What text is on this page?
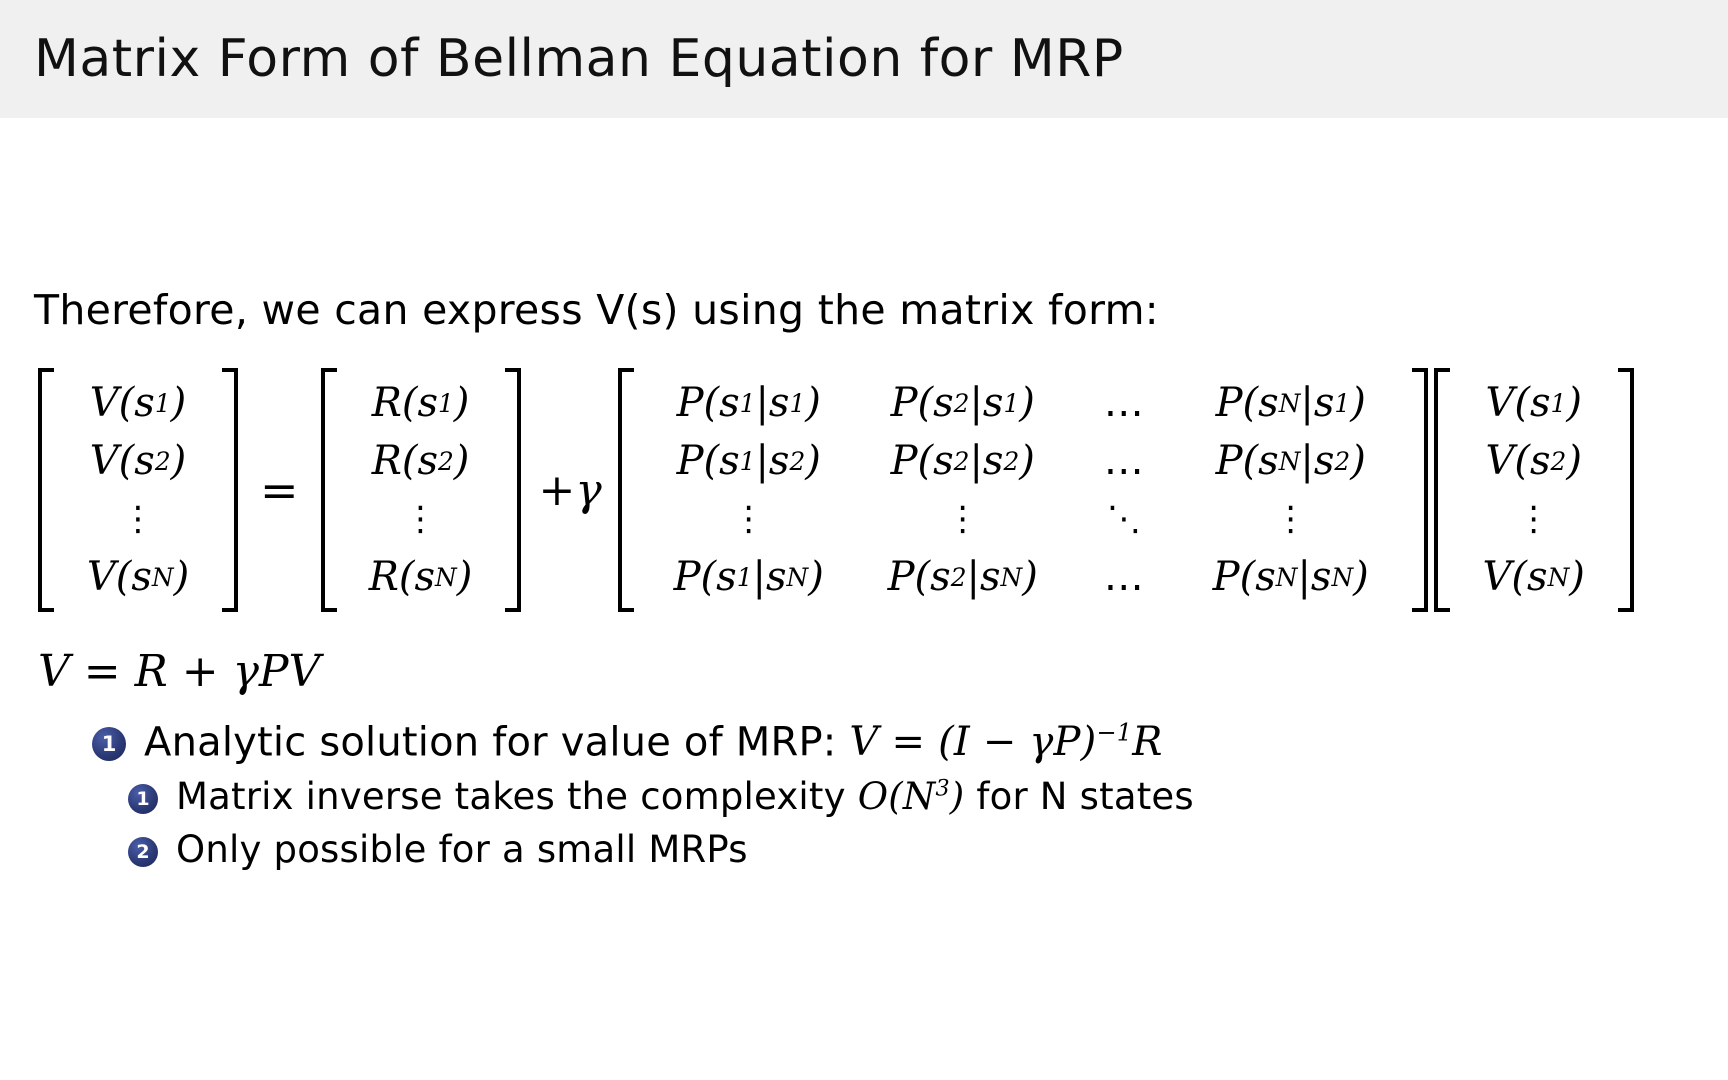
Matrix Form of Bellman Equation for MRP
Therefore, we can express V(s) using the matrix form:
V( s 1 )
V( s 2 )
⋮
V( s N )
=
R( s 1 )
R( s 2 )
⋮
R( s N )
+γ
P( s 1 | s 1 )	P( s 2 | s 1 )	…	P( s N | s 1 )
P( s 1 | s 2 )	P( s 2 | s 2 )	…	P( s N | s 2 )
⋮	⋮	⋱	⋮
P( s 1 | s N )	P( s 2 | s N )	…	P( s N | s N )
V( s 1 )
V( s 2 )
⋮
V( s N )
V = R + γPV
1 Analytic solution for value of MRP: $V = (I - \gamma P)^{-1}R$
1 Matrix inverse takes the complexity $O(N^3)$ for N states
2 Only possible for a small MRPs
